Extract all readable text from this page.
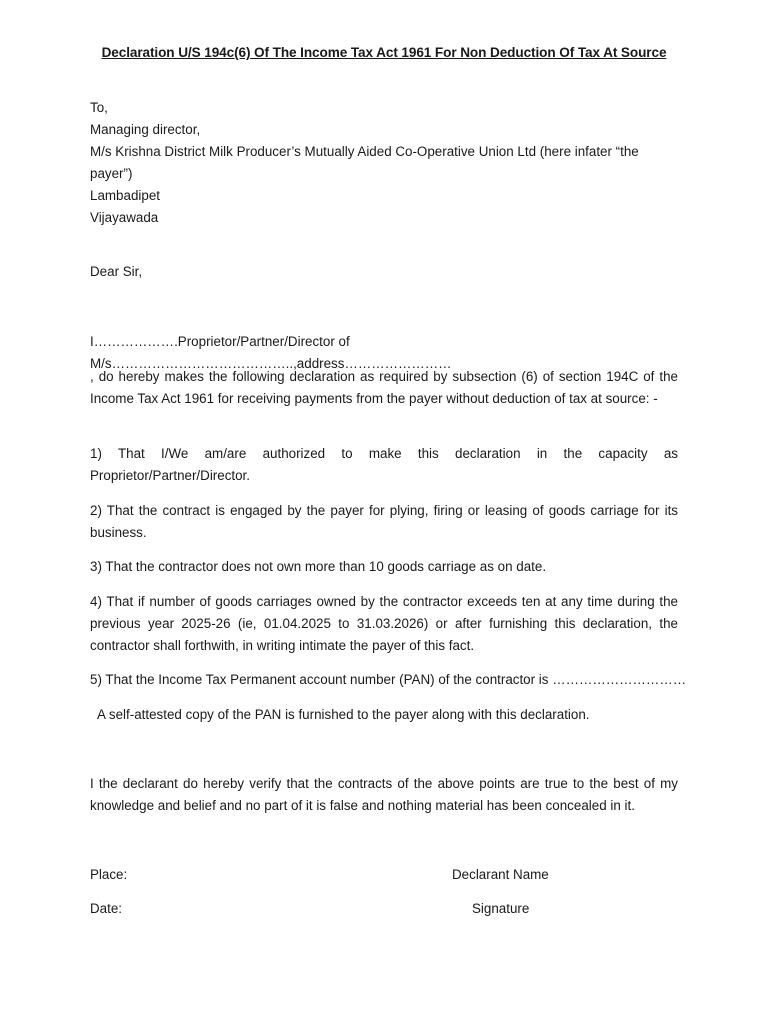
Declaration U/S 194c(6) Of The Income Tax Act 1961 For Non Deduction Of Tax At Source
To,
Managing director,
M/s Krishna District Milk Producer’s Mutually Aided Co-Operative Union Ltd (here infater “the
payer”)
Lambadipet
Vijayawada
Dear Sir,
I……………….Proprietor/Partner/Director of M/s…………………………………..,address……………………
, do hereby makes the following declaration as required by subsection (6) of section 194C of the Income Tax Act 1961 for receiving payments from the payer without deduction of tax at source: -
1) That I/We am/are authorized to make this declaration in the capacity as Proprietor/Partner/Director.
2) That the contract is engaged by the payer for plying, firing or leasing of goods carriage for its business.
3) That the contractor does not own more than 10 goods carriage as on date.
4) That if number of goods carriages owned by the contractor exceeds ten at any time during the previous year 2025-26 (ie, 01.04.2025 to 31.03.2026) or after furnishing this declaration, the contractor shall forthwith, in writing intimate the payer of this fact.
5) That the Income Tax Permanent account number (PAN) of the contractor is …………………………
A self-attested copy of the PAN is furnished to the payer along with this declaration.
I the declarant do hereby verify that the contracts of the above points are true to the best of my knowledge and belief and no part of it is false and nothing material has been concealed in it.
Place:	Declarant Name
Date:	Signature
